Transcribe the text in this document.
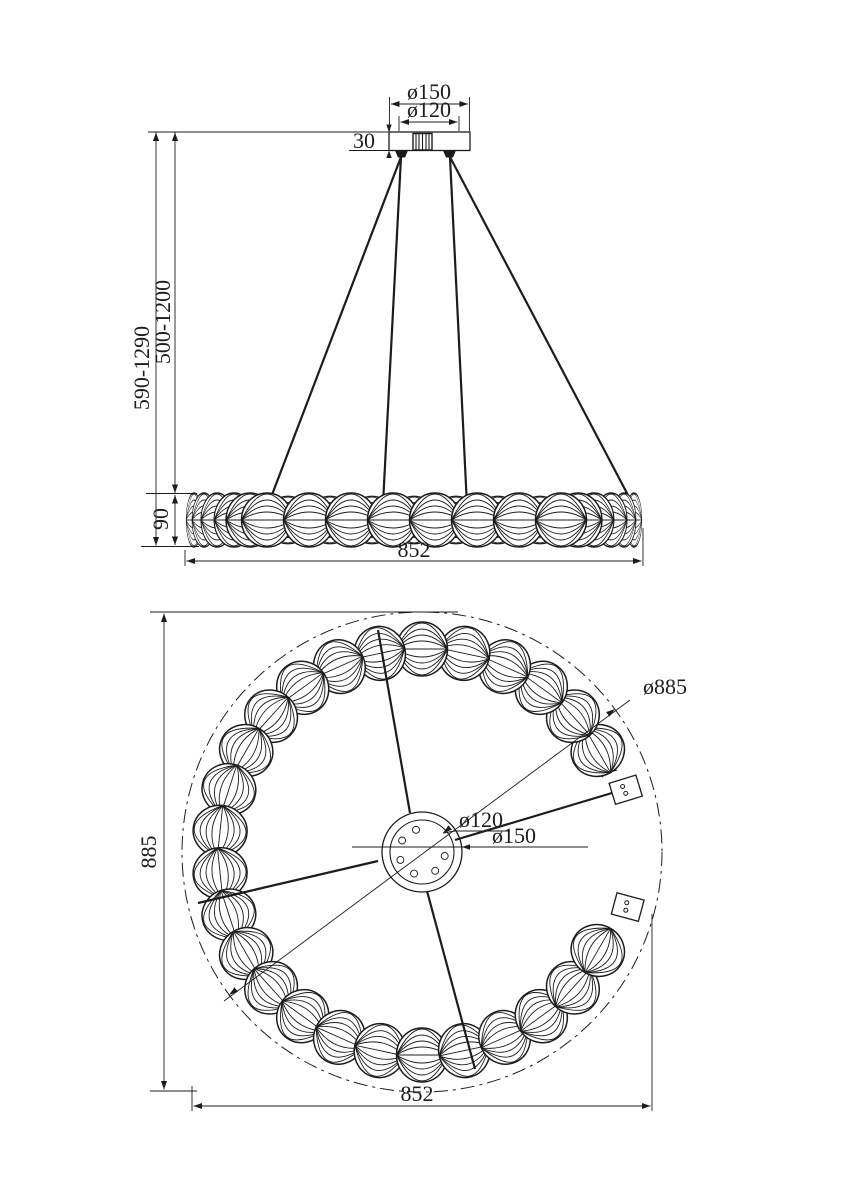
ø150
ø120
30
590-1290
500-1200
90
852
ø885
ø120
ø150
885
852
